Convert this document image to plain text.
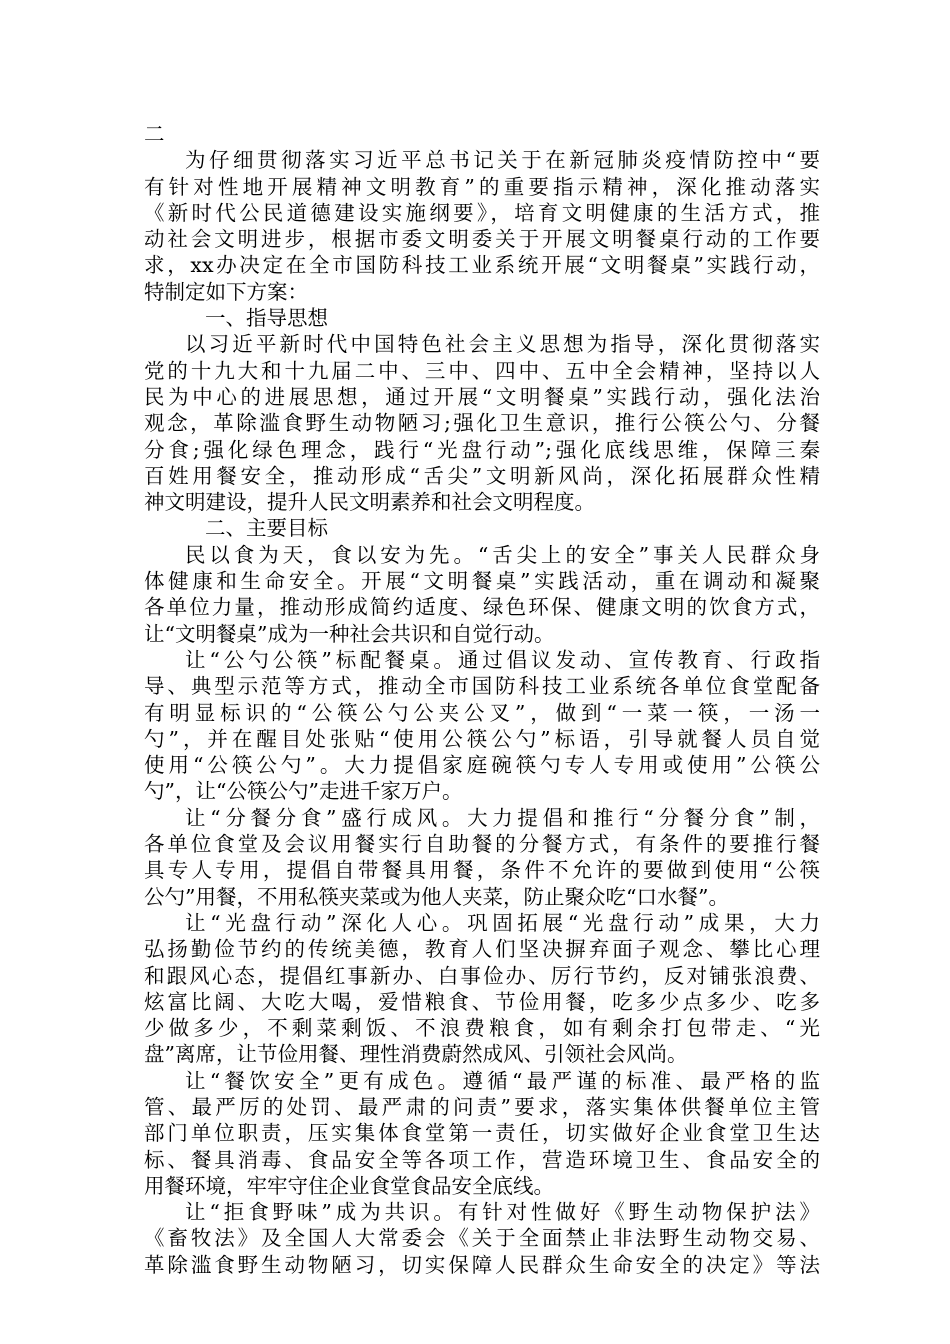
二
为仔细贯彻落实习近平总书记关于在新冠肺炎疫情防控中“要
有针对性地开展精神文明教育”的重要指示精神，深化推动落实
《新时代公民道德建设实施纲要》，培育文明健康的生活方式，推
动社会文明进步，根据市委文明委关于开展文明餐桌行动的工作要
求，xx办决定在全市国防科技工业系统开展“文明餐桌”实践行动，
特制定如下方案：
一、指导思想
以习近平新时代中国特色社会主义思想为指导，深化贯彻落实
党的十九大和十九届二中、三中、四中、五中全会精神，坚持以人
民为中心的进展思想，通过开展“文明餐桌”实践行动，强化法治
观念，革除滥食野生动物陋习;强化卫生意识，推行公筷公勺、分餐
分食;强化绿色理念，践行“光盘行动”;强化底线思维，保障三秦
百姓用餐安全，推动形成“舌尖”文明新风尚，深化拓展群众性精
神文明建设，提升人民文明素养和社会文明程度。
二、主要目标
民以食为天，食以安为先。“舌尖上的安全”事关人民群众身
体健康和生命安全。开展“文明餐桌”实践活动，重在调动和凝聚
各单位力量，推动形成简约适度、绿色环保、健康文明的饮食方式，
让“文明餐桌”成为一种社会共识和自觉行动。
让“公勺公筷”标配餐桌。通过倡议发动、宣传教育、行政指
导、典型示范等方式，推动全市国防科技工业系统各单位食堂配备
有明显标识的“公筷公勺公夹公叉”，做到“一菜一筷，一汤一
勺”，并在醒目处张贴“使用公筷公勺”标语，引导就餐人员自觉
使用“公筷公勺”。大力提倡家庭碗筷勺专人专用或使用”公筷公
勺”，让“公筷公勺”走进千家万户。
让“分餐分食”盛行成风。大力提倡和推行“分餐分食”制，
各单位食堂及会议用餐实行自助餐的分餐方式，有条件的要推行餐
具专人专用，提倡自带餐具用餐，条件不允许的要做到使用“公筷
公勺”用餐，不用私筷夹菜或为他人夹菜，防止聚众吃“口水餐”。
让“光盘行动”深化人心。巩固拓展“光盘行动”成果，大力
弘扬勤俭节约的传统美德，教育人们坚决摒弃面子观念、攀比心理
和跟风心态，提倡红事新办、白事俭办、厉行节约，反对铺张浪费、
炫富比阔、大吃大喝，爱惜粮食、节俭用餐，吃多少点多少、吃多
少做多少，不剩菜剩饭、不浪费粮食，如有剩余打包带走、“光
盘”离席，让节俭用餐、理性消费蔚然成风、引领社会风尚。
让“餐饮安全”更有成色。遵循“最严谨的标准、最严格的监
管、最严厉的处罚、最严肃的问责”要求，落实集体供餐单位主管
部门单位职责，压实集体食堂第一责任，切实做好企业食堂卫生达
标、餐具消毒、食品安全等各项工作，营造环境卫生、食品安全的
用餐环境，牢牢守住企业食堂食品安全底线。
让“拒食野味”成为共识。有针对性做好《野生动物保护法》
《畜牧法》及全国人大常委会《关于全面禁止非法野生动物交易、
革除滥食野生动物陋习，切实保障人民群众生命安全的决定》等法
